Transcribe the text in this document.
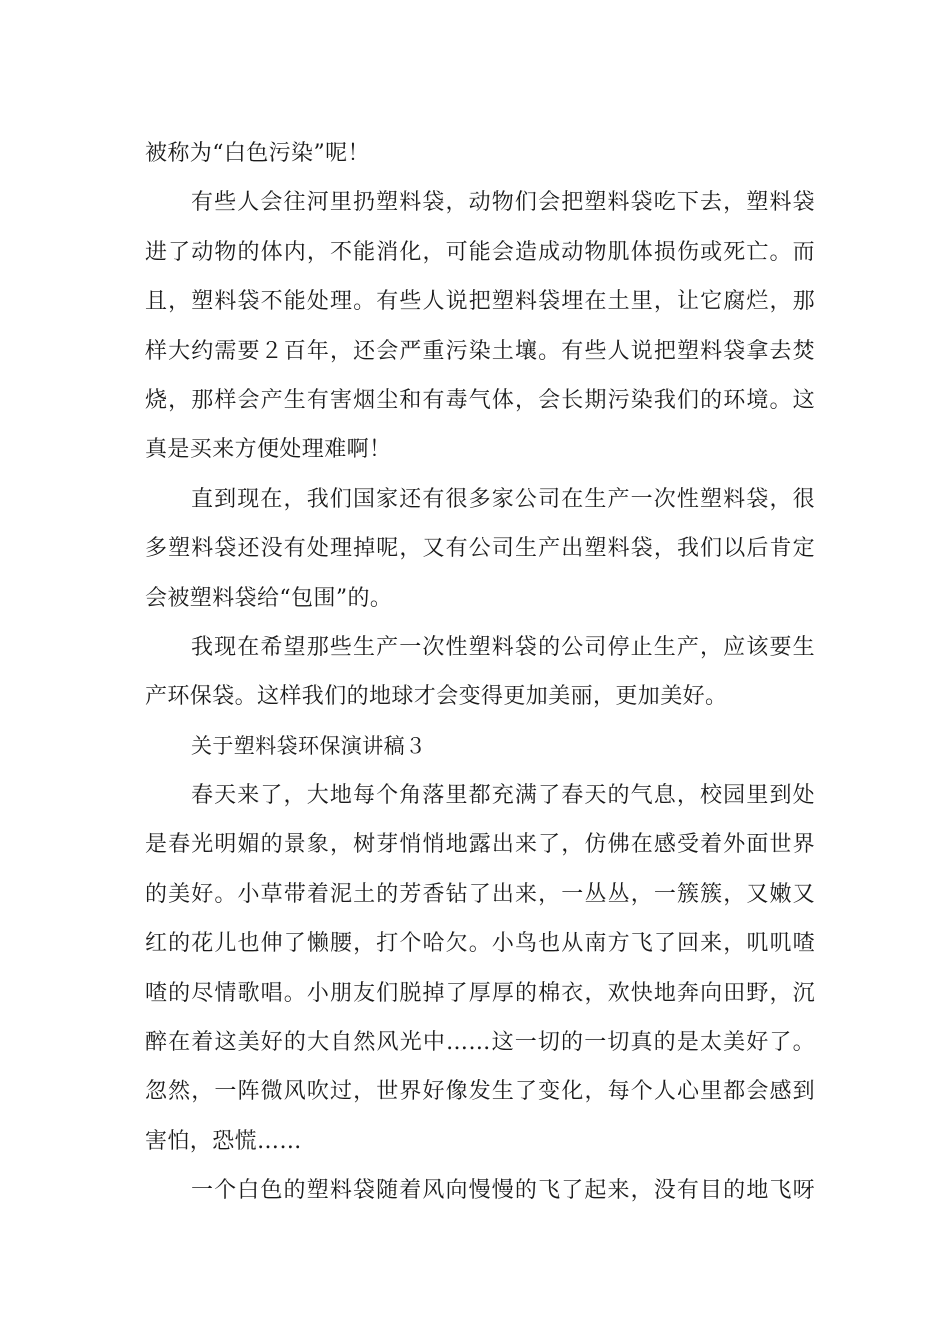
被称为“白色污染”呢！
有些人会往河里扔塑料袋，动物们会把塑料袋吃下去，塑料袋
进了动物的体内，不能消化，可能会造成动物肌体损伤或死亡。而
且，塑料袋不能处理。有些人说把塑料袋埋在土里，让它腐烂，那
样大约需要２百年，还会严重污染土壤。有些人说把塑料袋拿去焚
烧，那样会产生有害烟尘和有毒气体，会长期污染我们的环境。这
真是买来方便处理难啊！
直到现在，我们国家还有很多家公司在生产一次性塑料袋，很
多塑料袋还没有处理掉呢，又有公司生产出塑料袋，我们以后肯定
会被塑料袋给“包围”的。
我现在希望那些生产一次性塑料袋的公司停止生产，应该要生
产环保袋。这样我们的地球才会变得更加美丽，更加美好。
关于塑料袋环保演讲稿３
春天来了，大地每个角落里都充满了春天的气息，校园里到处
是春光明媚的景象，树芽悄悄地露出来了，仿佛在感受着外面世界
的美好。小草带着泥土的芳香钻了出来，一丛丛，一簇簇，又嫩又
红的花儿也伸了懒腰，打个哈欠。小鸟也从南方飞了回来，叽叽喳
喳的尽情歌唱。小朋友们脱掉了厚厚的棉衣，欢快地奔向田野，沉
醉在着这美好的大自然风光中……这一切的一切真的是太美好了。
忽然，一阵微风吹过，世界好像发生了变化，每个人心里都会感到
害怕，恐慌……
一个白色的塑料袋随着风向慢慢的飞了起来，没有目的地飞呀
